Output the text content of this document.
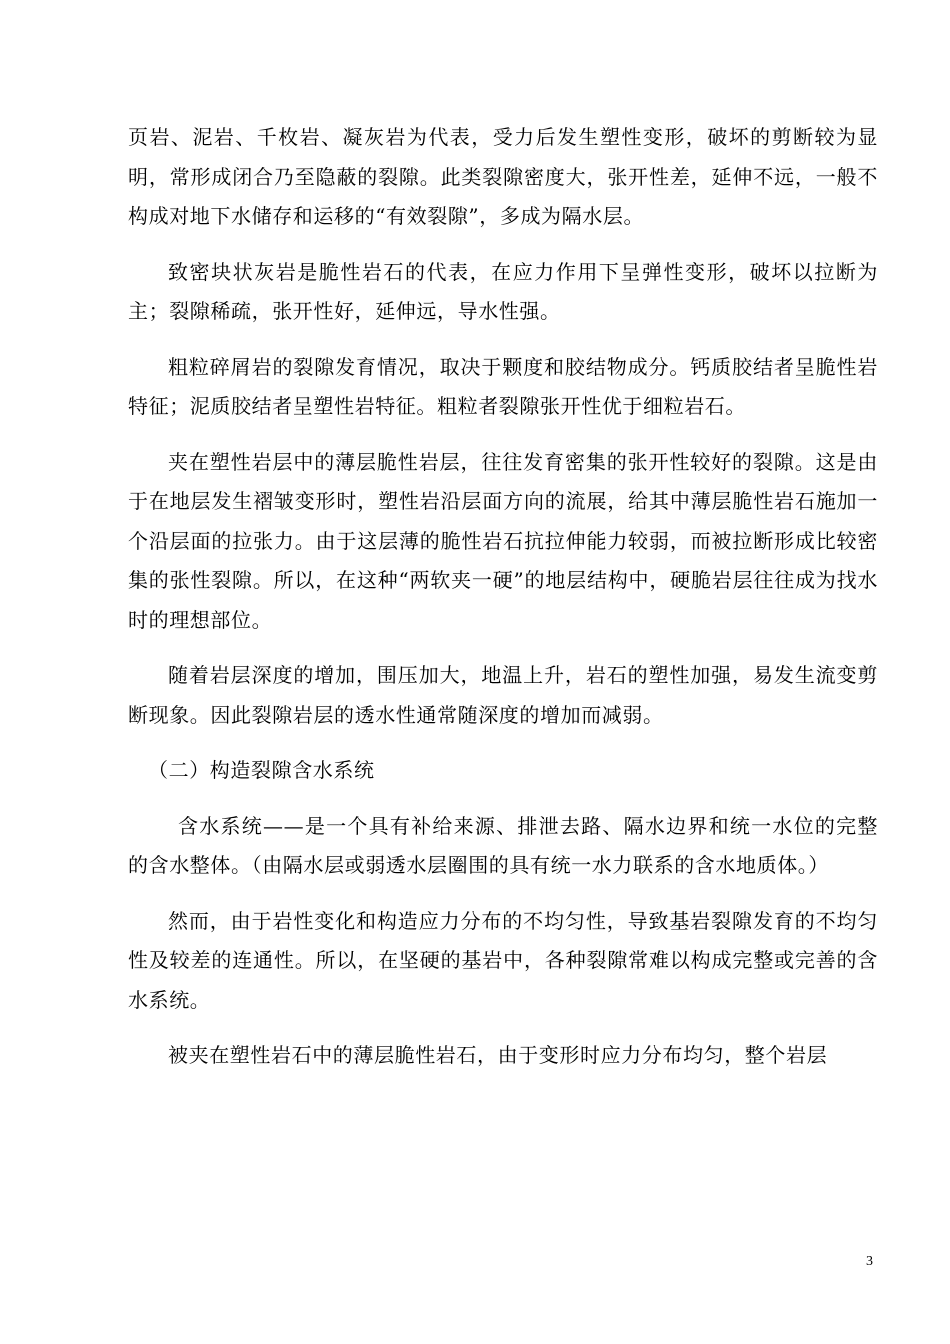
页岩、泥岩、千枚岩、凝灰岩为代表，受力后发生塑性变形，破坏的剪断较为显明，常形成闭合乃至隐蔽的裂隙。此类裂隙密度大，张开性差，延伸不远，一般不构成对地下水储存和运移的“有效裂隙”，多成为隔水层。

致密块状灰岩是脆性岩石的代表，在应力作用下呈弹性变形，破坏以拉断为主；裂隙稀疏，张开性好，延伸远，导水性强。

粗粒碎屑岩的裂隙发育情况，取决于颗度和胶结物成分。钙质胶结者呈脆性岩特征；泥质胶结者呈塑性岩特征。粗粒者裂隙张开性优于细粒岩石。

夹在塑性岩层中的薄层脆性岩层，往往发育密集的张开性较好的裂隙。这是由于在地层发生褶皱变形时，塑性岩沿层面方向的流展，给其中薄层脆性岩石施加一个沿层面的拉张力。由于这层薄的脆性岩石抗拉伸能力较弱，而被拉断形成比较密集的张性裂隙。所以，在这种“两软夹一硬”的地层结构中，硬脆岩层往往成为找水时的理想部位。

随着岩层深度的增加，围压加大，地温上升，岩石的塑性加强，易发生流变剪断现象。因此裂隙岩层的透水性通常随深度的增加而减弱。

（二）构造裂隙含水系统

含水系统——是一个具有补给来源、排泄去路、隔水边界和统一水位的完整的含水整体。（由隔水层或弱透水层圈围的具有统一水力联系的含水地质体。）

然而，由于岩性变化和构造应力分布的不均匀性，导致基岩裂隙发育的不均匀性及较差的连通性。所以，在坚硬的基岩中，各种裂隙常难以构成完整或完善的含水系统。

被夹在塑性岩石中的薄层脆性岩石，由于变形时应力分布均匀，整个岩层

3
